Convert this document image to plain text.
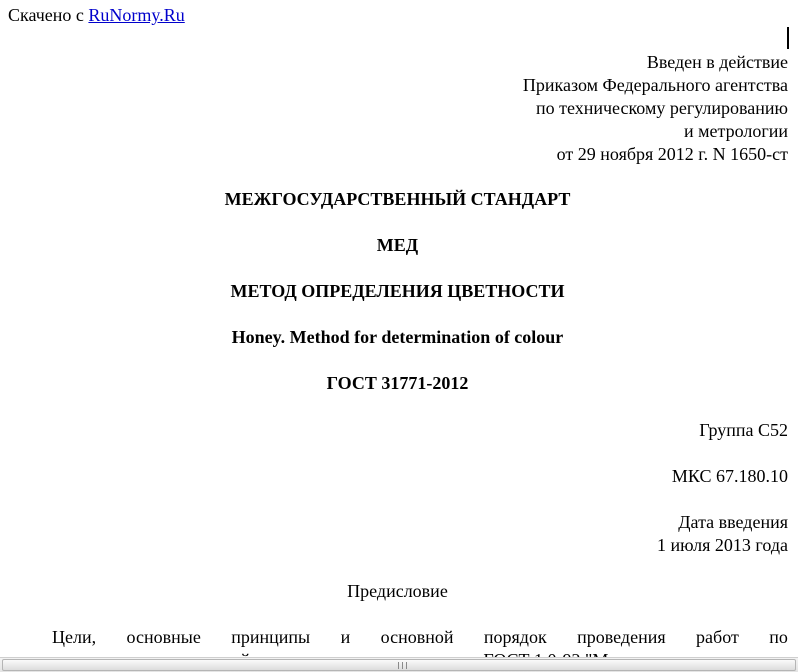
Скачено с RuNormy.Ru
Введен в действие
Приказом Федерального агентства
по техническому регулированию
и метрологии
от 29 ноября 2012 г. N 1650-ст
МЕЖГОСУДАРСТВЕННЫЙ СТАНДАРТ
МЕД
МЕТОД ОПРЕДЕЛЕНИЯ ЦВЕТНОСТИ
Honey. Method for determination of colour
ГОСТ 31771-2012
Группа С52
МКС 67.180.10
Дата введения
1 июля 2013 года
Предисловие
Цели, основные принципы и основной порядок проведения работ по
